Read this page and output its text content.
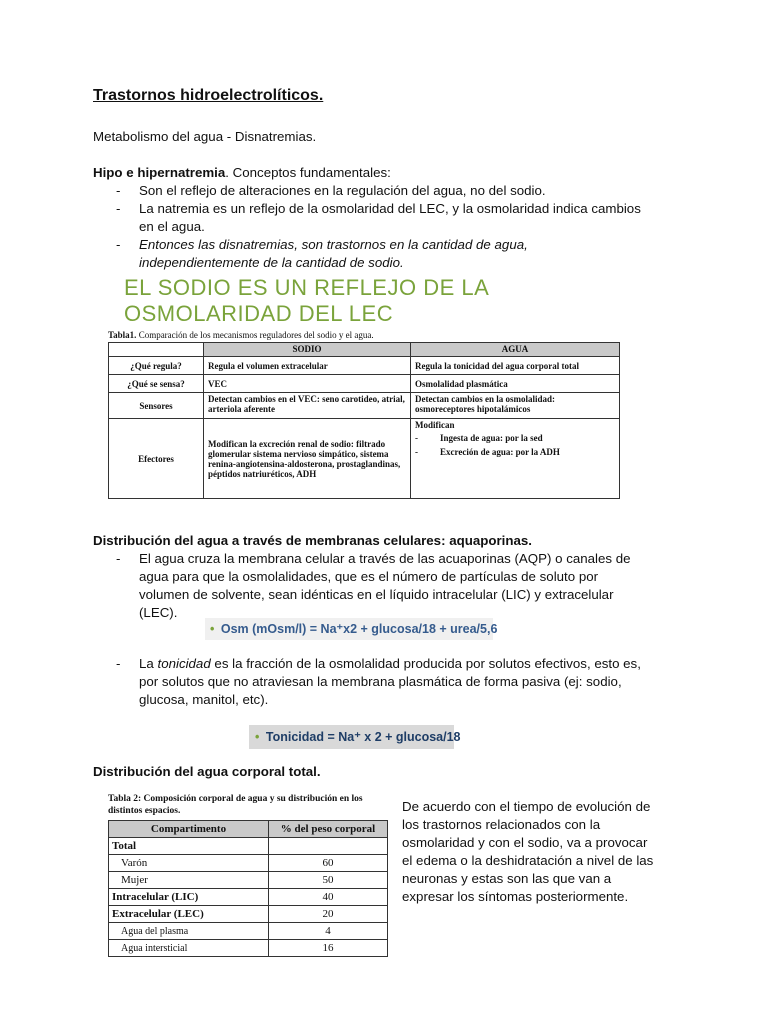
Trastornos hidroelectrolíticos.
Metabolismo del agua - Disnatremias.
Hipo e hipernatremia. Conceptos fundamentales:
- Son el reflejo de alteraciones en la regulación del agua, no del sodio.
- La natremia es un reflejo de la osmolaridad del LEC, y la osmolaridad indica cambios
en el agua.
- Entonces las disnatremias, son trastornos en la cantidad de agua,
independientemente de la cantidad de sodio.
EL SODIO ES UN REFLEJO DE LA
OSMOLARIDAD DEL LEC
Tabla1. Comparación de los mecanismos reguladores del sodio y el agua.
	SODIO	AGUA
¿Qué regula?	Regula el volumen extracelular	Regula la tonicidad del agua corporal total
¿Qué se sensa?	VEC	Osmolalidad plasmática
Sensores	Detectan cambios en el VEC: seno carotideo, atrial, arteriola aferente	Detectan cambios en la osmolalidad: osmoreceptores hipotalámicos
Efectores	Modifican la excreción renal de sodio: filtrado glomerular sistema nervioso simpático, sistema renina-angiotensina-aldosterona, prostaglandinas, péptidos natriuréticos, ADH	Modifican
- Ingesta de agua: por la sed
- Excreción de agua: por la ADH
Distribución del agua a través de membranas celulares: aquaporinas.
- El agua cruza la membrana celular a través de las acuaporinas (AQP) o canales de
agua para que la osmolalidades, que es el número de partículas de soluto por
volumen de solvente, sean idénticas en el líquido intracelular (LIC) y extracelular
(LEC).
• Osm (mOsm/l) = Na⁺x2 + glucosa/18 + urea/5,6
- La tonicidad es la fracción de la osmolalidad producida por solutos efectivos, esto es,
por solutos que no atraviesan la membrana plasmática de forma pasiva (ej: sodio,
glucosa, manitol, etc).
• Tonicidad = Na⁺ x 2 + glucosa/18
Distribución del agua corporal total.
Tabla 2: Composición corporal de agua y su distribución en los distintos espacios.
Compartimento	% del peso corporal
Total	
Varón	60
Mujer	50
Intracelular (LIC)	40
Extracelular (LEC)	20
Agua del plasma	4
Agua intersticial	16
De acuerdo con el tiempo de evolución de
los trastornos relacionados con la
osmolaridad y con el sodio, va a provocar
el edema o la deshidratación a nivel de las
neuronas y estas son las que van a
expresar los síntomas posteriormente.
